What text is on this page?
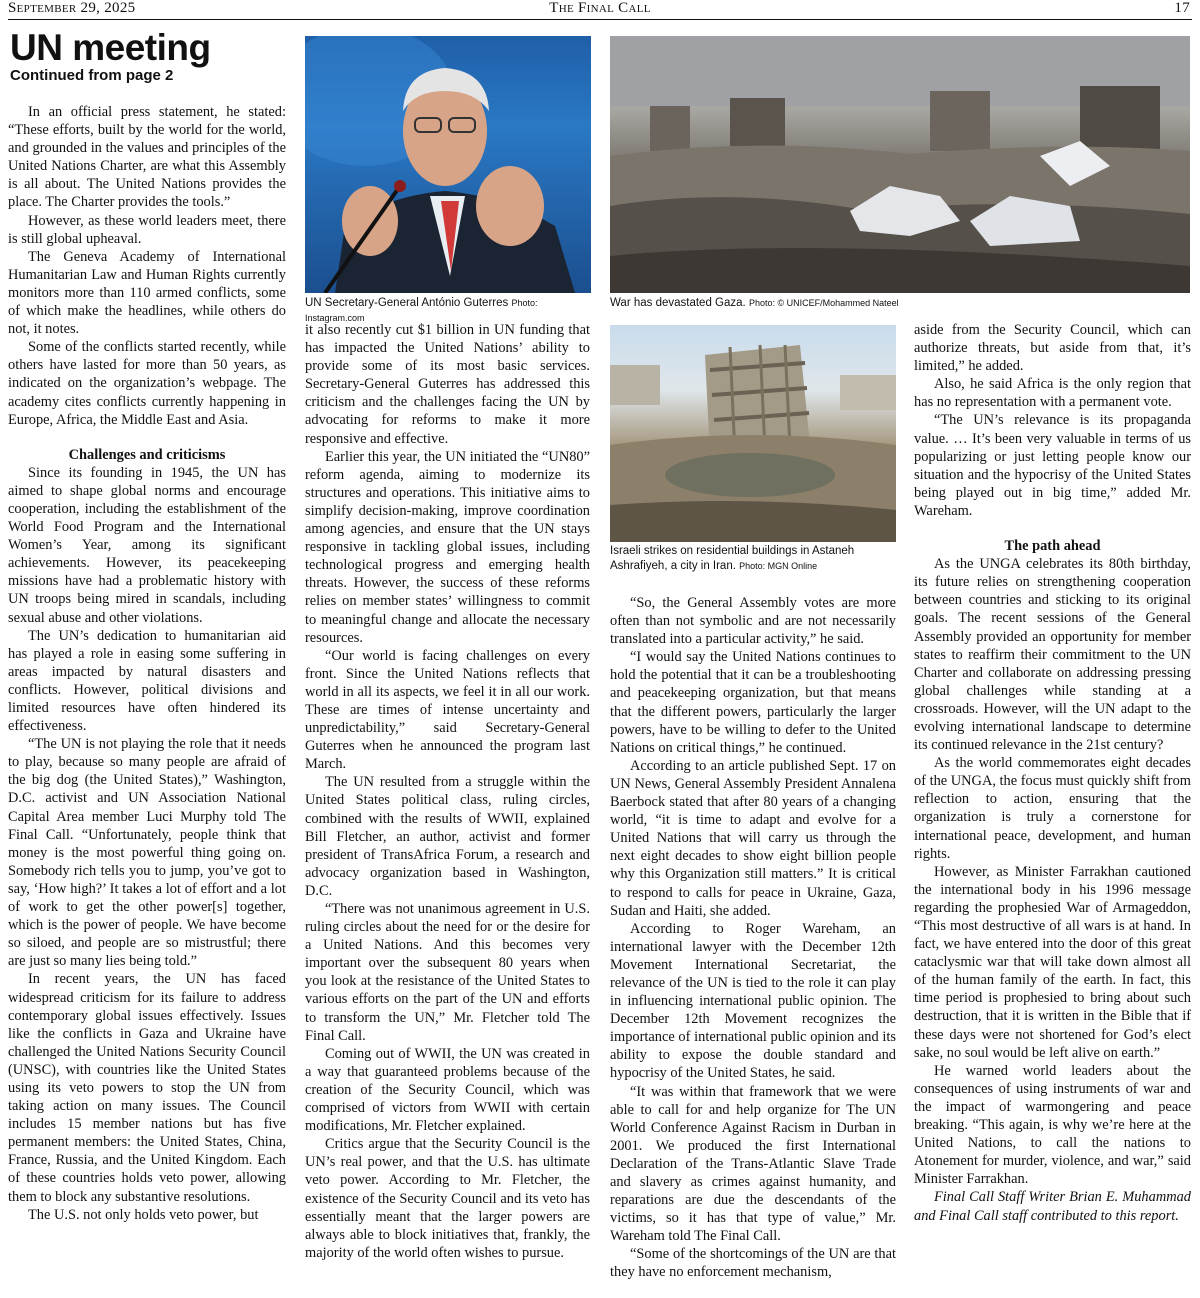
September 29, 2025	The Final Call	17
UN meeting
Continued from page 2
UN Secretary-General António Guterres Photo: Instagram.com
War has devastated Gaza. Photo: © UNICEF/Mohammed Nateel
Israeli strikes on residential buildings in Astaneh Ashrafiyeh, a city in Iran. Photo: MGN Online

In an official press statement, he stated: “These efforts, built by the world for the world, and grounded in the values and principles of the United Nations Charter, are what this Assembly is all about. The United Nations provides the place. The Charter provides the tools.”

However, as these world leaders meet, there is still global upheaval.

The Geneva Academy of International Humanitarian Law and Human Rights currently monitors more than 110 armed conflicts, some of which make the headlines, while others do not, it notes.

Some of the conflicts started recently, while others have lasted for more than 50 years, as indicated on the organization’s webpage. The academy cites conflicts currently happening in Europe, Africa, the Middle East and Asia.

Challenges and criticisms

Since its founding in 1945, the UN has aimed to shape global norms and encourage cooperation, including the establishment of the World Food Program and the International Women’s Year, among its significant achievements. However, its peacekeeping missions have had a problematic history with UN troops being mired in scandals, including sexual abuse and other violations.

The UN’s dedication to humanitarian aid has played a role in easing some suffering in areas impacted by natural disasters and conflicts. However, political divisions and limited resources have often hindered its effectiveness.

“The UN is not playing the role that it needs to play, because so many people are afraid of the big dog (the United States),” Washington, D.C. activist and UN Association National Capital Area member Luci Murphy told The Final Call. “Unfortunately, people think that money is the most powerful thing going on. Somebody rich tells you to jump, you’ve got to say, ‘How high?’ It takes a lot of effort and a lot of work to get the other power[s] together, which is the power of people. We have become so siloed, and people are so mistrustful; there are just so many lies being told.”

In recent years, the UN has faced widespread criticism for its failure to address contemporary global issues effectively. Issues like the conflicts in Gaza and Ukraine have challenged the United Nations Security Council (UNSC), with countries like the United States using its veto powers to stop the UN from taking action on many issues. The Council includes 15 member nations but has five permanent members: the United States, China, France, Russia, and the United Kingdom. Each of these countries holds veto power, allowing them to block any substantive resolutions.

The U.S. not only holds veto power, but

it also recently cut $1 billion in UN funding that has impacted the United Nations’ ability to provide some of its most basic services. Secretary-General Guterres has addressed this criticism and the challenges facing the UN by advocating for reforms to make it more responsive and effective.

Earlier this year, the UN initiated the “UN80” reform agenda, aiming to modernize its structures and operations. This initiative aims to simplify decision-making, improve coordination among agencies, and ensure that the UN stays responsive in tackling global issues, including technological progress and emerging health threats. However, the success of these reforms relies on member states’ willingness to commit to meaningful change and allocate the necessary resources.

“Our world is facing challenges on every front. Since the United Nations reflects that world in all its aspects, we feel it in all our work. These are times of intense uncertainty and unpredictability,” said Secretary-General Guterres when he announced the program last March.

The UN resulted from a struggle within the United States political class, ruling circles, combined with the results of WWII, explained Bill Fletcher, an author, activist and former president of TransAfrica Forum, a research and advocacy organization based in Washington, D.C.

“There was not unanimous agreement in U.S. ruling circles about the need for or the desire for a United Nations. And this becomes very important over the subsequent 80 years when you look at the resistance of the United States to various efforts on the part of the UN and efforts to transform the UN,” Mr. Fletcher told The Final Call.

Coming out of WWII, the UN was created in a way that guaranteed problems because of the creation of the Security Council, which was comprised of victors from WWII with certain modifications, Mr. Fletcher explained.

Critics argue that the Security Council is the UN’s real power, and that the U.S. has ultimate veto power. According to Mr. Fletcher, the existence of the Security Council and its veto has essentially meant that the larger powers are always able to block initiatives that, frankly, the majority of the world often wishes to pursue.

“So, the General Assembly votes are more often than not symbolic and are not necessarily translated into a particular activity,” he said.

“I would say the United Nations continues to hold the potential that it can be a troubleshooting and peacekeeping organization, but that means that the different powers, particularly the larger powers, have to be willing to defer to the United Nations on critical things,” he continued.

According to an article published Sept. 17 on UN News, General Assembly President Annalena Baerbock stated that after 80 years of a changing world, “it is time to adapt and evolve for a United Nations that will carry us through the next eight decades to show eight billion people why this Organization still matters.” It is critical to respond to calls for peace in Ukraine, Gaza, Sudan and Haiti, she added.

According to Roger Wareham, an international lawyer with the December 12th Movement International Secretariat, the relevance of the UN is tied to the role it can play in influencing international public opinion. The December 12th Movement recognizes the importance of international public opinion and its ability to expose the double standard and hypocrisy of the United States, he said.

“It was within that framework that we were able to call for and help organize for The UN World Conference Against Racism in Durban in 2001. We produced the first International Declaration of the Trans-Atlantic Slave Trade and slavery as crimes against humanity, and reparations are due the descendants of the victims, so it has that type of value,” Mr. Wareham told The Final Call.

“Some of the shortcomings of the UN are that they have no enforcement mechanism,

aside from the Security Council, which can authorize threats, but aside from that, it’s limited,” he added.

Also, he said Africa is the only region that has no representation with a permanent vote.

“The UN’s relevance is its propaganda value. … It’s been very valuable in terms of us popularizing or just letting people know our situation and the hypocrisy of the United States being played out in big time,” added Mr. Wareham.

The path ahead

As the UNGA celebrates its 80th birthday, its future relies on strengthening cooperation between countries and sticking to its original goals. The recent sessions of the General Assembly provided an opportunity for member states to reaffirm their commitment to the UN Charter and collaborate on addressing pressing global challenges while standing at a crossroads. However, will the UN adapt to the evolving international landscape to determine its continued relevance in the 21st century?

As the world commemorates eight decades of the UNGA, the focus must quickly shift from reflection to action, ensuring that the organization is truly a cornerstone for international peace, development, and human rights.

However, as Minister Farrakhan cautioned the international body in his 1996 message regarding the prophesied War of Armageddon, “This most destructive of all wars is at hand. In fact, we have entered into the door of this great cataclysmic war that will take down almost all of the human family of the earth. In fact, this time period is prophesied to bring about such destruction, that it is written in the Bible that if these days were not shortened for God’s elect sake, no soul would be left alive on earth.”

He warned world leaders about the consequences of using instruments of war and the impact of warmongering and peace breaking. “This again, is why we’re here at the United Nations, to call the nations to Atonement for murder, violence, and war,” said Minister Farrakhan.

Final Call Staff Writer Brian E. Muhammad and Final Call staff contributed to this report.
